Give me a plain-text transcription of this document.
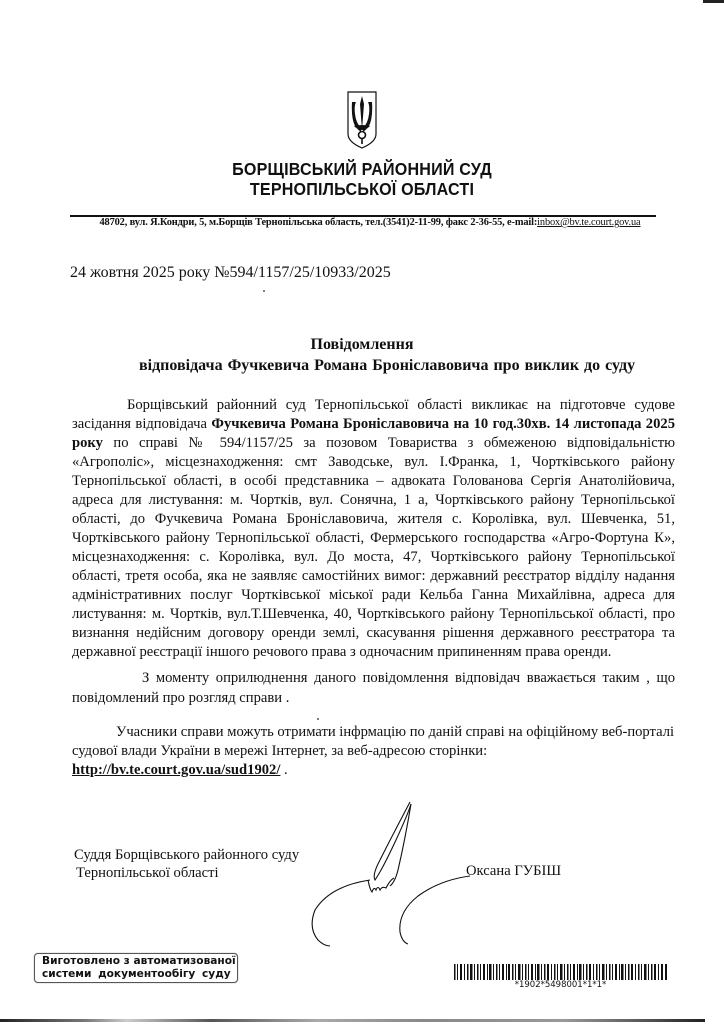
БОРЩІВСЬКИЙ РАЙОННИЙ СУД
ТЕРНОПІЛЬСЬКОЇ ОБЛАСТІ
48702, вул. Я.Кондри, 5, м.Борщів Тернопільська область, тел.(3541)2-11-99, факс 2-36-55, e-mail:inbox@bv.te.court.gov.ua
24 жовтня 2025 року №594/1157/25/10933/2025
Повідомлення
відповідача Фучкевича Романа Броніславовича про виклик до суду

Борщівський районний суд Тернопільської області викликає на підготовче судове засідання відповідача Фучкевича Романа Броніславовича на 10 год.30хв. 14 листопада 2025 року по справі № 594/1157/25 за позовом Товариства з обмеженою відповідальністю «Агрополіс», місцезнаходження: смт Заводське, вул. І.Франка, 1, Чортківського району Тернопільської області, в особі представника – адвоката Голованова Сергія Анатолійовича, адреса для листування: м. Чортків, вул. Сонячна, 1 а, Чортківського району Тернопільської області, до Фучкевича Романа Броніславовича, жителя с. Королівка, вул. Шевченка, 51, Чортківського району Тернопільської області, Фермерського господарства «Агро-Фортуна К», місцезнаходження: с. Королівка, вул. До моста, 47, Чортківського району Тернопільської області, третя особа, яка не заявляє самостійних вимог: державний реєстратор відділу надання адміністративних послуг Чортківської міської ради Кельба Ганна Михайлівна, адреса для листування: м. Чортків, вул.Т.Шевченка, 40, Чортківського району Тернопільської області, про визнання недійсним договору оренди землі, скасування рішення державного реєстратора та державної реєстрації іншого речового права з одночасним припиненням права оренди.

З моменту оприлюднення даного повідомлення відповідач вважається таким , що повідомлений про розгляд справи .

Учасники справи можуть отримати інфрмацію по даній справі на офіційному веб-порталі судової влади України в мережі Інтернет, за веб-адресою сторінки: http://bv.te.court.gov.ua/sud1902/ .

Суддя Борщівського районного суду
Тернопільської області	Оксана ГУБІШ
Виготовлено з автоматизованої
системи документообігу суду
*1902*5498001*1*1*
